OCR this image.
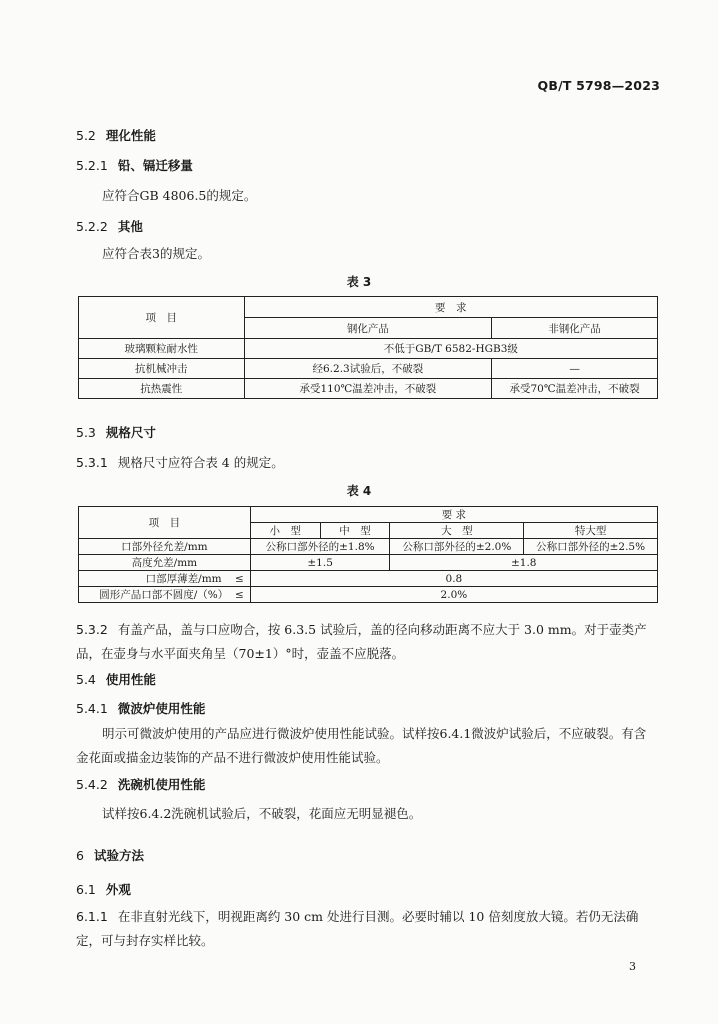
QB/T 5798—2023
5.2 理化性能
5.2.1 铅、镉迁移量
应符合GB 4806.5的规定。
5.2.2 其他
应符合表3的规定。
表 3
项　目	要　求	
	钢化产品	非钢化产品
玻璃颗粒耐水性	不低于GB/T 6582-HGB3级	
抗机械冲击	经6.2.3试验后，不破裂	—
抗热震性	承受110℃温差冲击，不破裂	承受70℃温差冲击，不破裂
5.3 规格尺寸
5.3.1 规格尺寸应符合表 4 的规定。
表 4
项　目	要 求			
	小　型	中　型	大　型	特大型
口部外径允差/mm	公称口部外径的±1.8%		公称口部外径的±2.0%	公称口部外径的±2.5%
高度允差/mm	±1.5		±1.8	
口部厚薄差/mm ≤	0.8			
圆形产品口部不圆度/（%） ≤	2.0%			
5.3.2 有盖产品，盖与口应吻合，按 6.3.5 试验后，盖的径向移动距离不应大于 3.0 mm。对于壶类产
品，在壶身与水平面夹角呈（70±1）°时，壶盖不应脱落。
5.4 使用性能
5.4.1 微波炉使用性能
明示可微波炉使用的产品应进行微波炉使用性能试验。试样按6.4.1微波炉试验后，不应破裂。有含
金花面或描金边装饰的产品不进行微波炉使用性能试验。
5.4.2 洗碗机使用性能
试样按6.4.2洗碗机试验后，不破裂，花面应无明显褪色。
6 试验方法
6.1 外观
6.1.1 在非直射光线下，明视距离约 30 cm 处进行目测。必要时辅以 10 倍刻度放大镜。若仍无法确
定，可与封存实样比较。
3
